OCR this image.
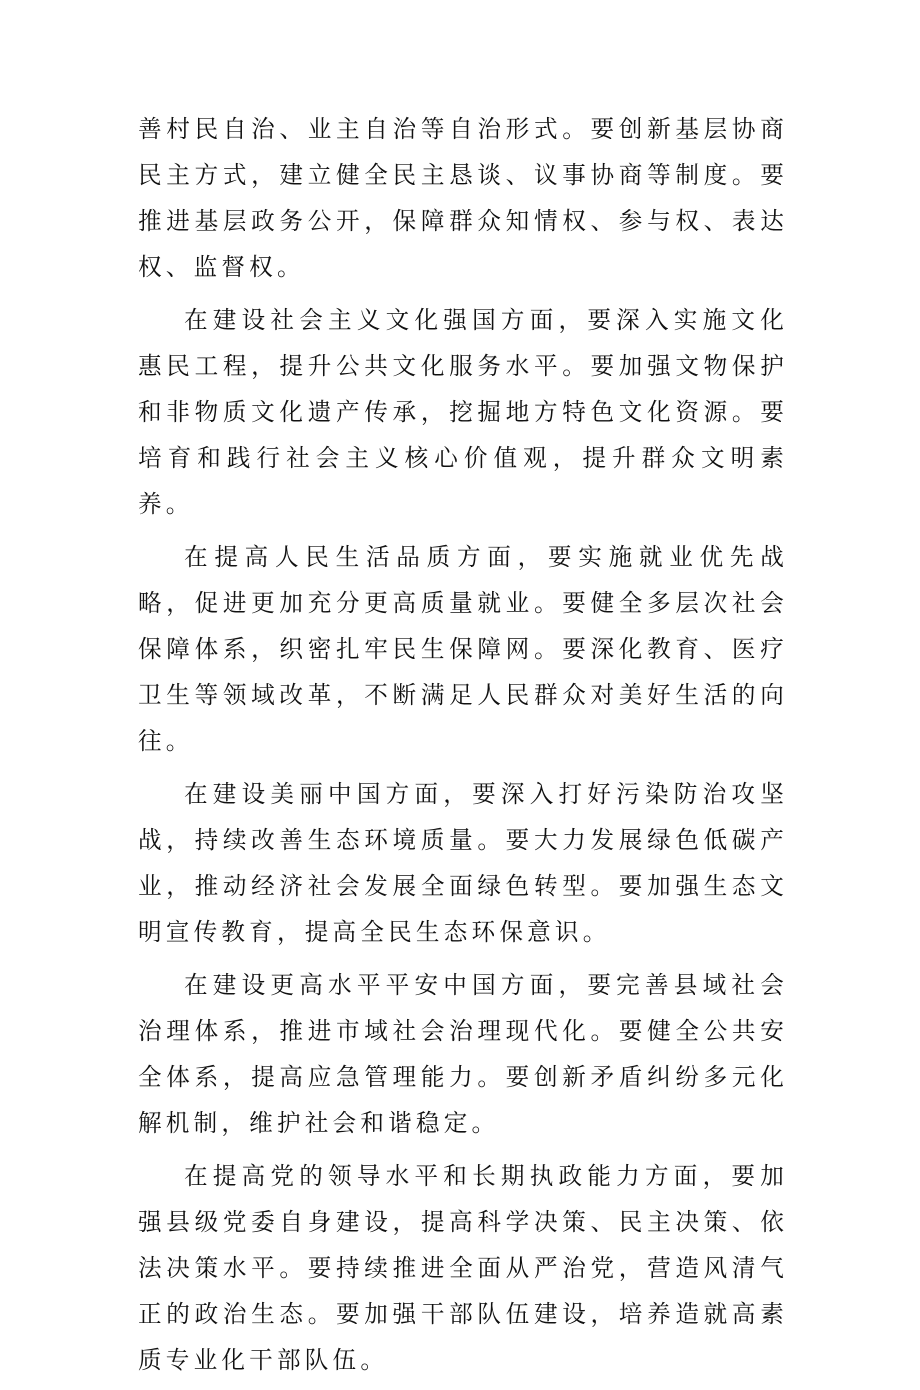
善村民自治、业主自治等自治形式。要创新基层协商民主方式，建立健全民主恳谈、议事协商等制度。要推进基层政务公开，保障群众知情权、参与权、表达权、监督权。

在建设社会主义文化强国方面，要深入实施文化惠民工程，提升公共文化服务水平。要加强文物保护和非物质文化遗产传承，挖掘地方特色文化资源。要培育和践行社会主义核心价值观，提升群众文明素养。

在提高人民生活品质方面，要实施就业优先战略，促进更加充分更高质量就业。要健全多层次社会保障体系，织密扎牢民生保障网。要深化教育、医疗卫生等领域改革，不断满足人民群众对美好生活的向往。

在建设美丽中国方面，要深入打好污染防治攻坚战，持续改善生态环境质量。要大力发展绿色低碳产业，推动经济社会发展全面绿色转型。要加强生态文明宣传教育，提高全民生态环保意识。

在建设更高水平平安中国方面，要完善县域社会治理体系，推进市域社会治理现代化。要健全公共安全体系，提高应急管理能力。要创新矛盾纠纷多元化解机制，维护社会和谐稳定。

在提高党的领导水平和长期执政能力方面，要加强县级党委自身建设，提高科学决策、民主决策、依法决策水平。要持续推进全面从严治党，营造风清气正的政治生态。要加强干部队伍建设，培养造就高素质专业化干部队伍。
